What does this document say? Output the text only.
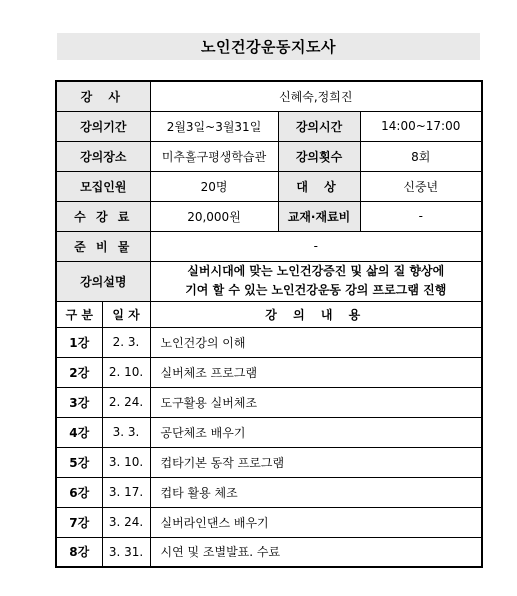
노인건강운동지도사
강 사		신혜숙,정희진		
강의기간		2월3일~3월31일	강의시간	14:00~17:00
강의장소		미추홀구평생학습관	강의횟수	8회
모집인원		20명	대 상	신중년
수 강 료		20,000원	교재·재료비	-
준 비 물		-		
강의설명		실버시대에 맞는 노인건강증진 및 삶의 질 향상에
기여 할 수 있는 노인건강운동 강의 프로그램 진행		

구 분	일 자	강 의 내 용		
1강	2. 3.	노인건강의 이해		
2강	2. 10.	실버체조 프로그램		
3강	2. 24.	도구활용 실버체조		
4강	3. 3.	공단체조 배우기		
5강	3. 10.	컵타기본 동작 프로그램		
6강	3. 17.	컵타 활용 체조		
7강	3. 24.	실버라인댄스 배우기		
8강	3. 31.	시연 및 조별발표. 수료		
